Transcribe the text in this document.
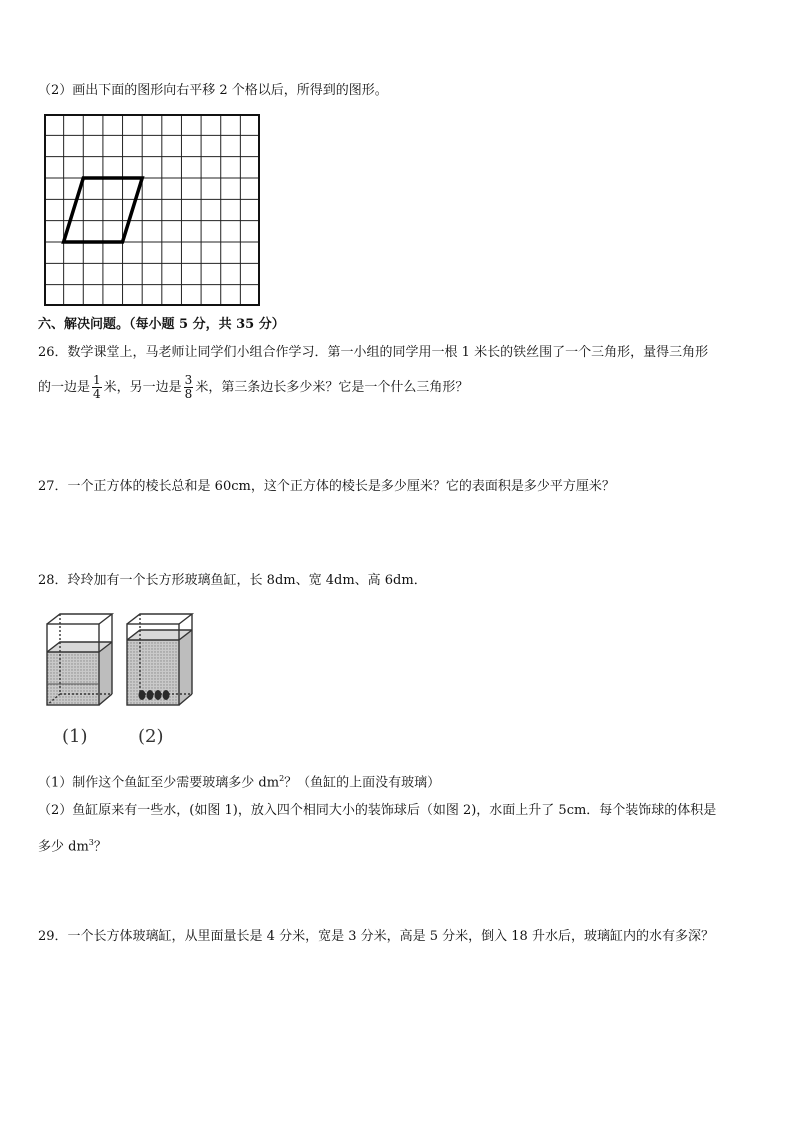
（2）画出下面的图形向右平移 2 个格以后，所得到的图形。
六、解决问题。（每小题 5 分，共 35 分）
26．数学课堂上，马老师让同学们小组合作学习．第一小组的同学用一根 1 米长的铁丝围了一个三角形，量得三角形
的一边是 $\frac{1}{4}$ 米，另一边是 $\frac{3}{8}$ 米，第三条边长多少米？它是一个什么三角形？
27．一个正方体的棱长总和是 60cm，这个正方体的棱长是多少厘米？它的表面积是多少平方厘米？
28．玲玲加有一个长方形玻璃鱼缸，长 8dm、宽 4dm、高 6dm．
(1)	(2)
（1）制作这个鱼缸至少需要玻璃多少 $dm^2$？（鱼缸的上面没有玻璃）
（2）鱼缸原来有一些水，(如图 1)，放入四个相同大小的装饰球后（如图 2)，水面上升了 5cm．每个装饰球的体积是
多少 $dm^3$？
29．一个长方体玻璃缸，从里面量长是 4 分米，宽是 3 分米，高是 5 分米，倒入 18 升水后，玻璃缸内的水有多深？
